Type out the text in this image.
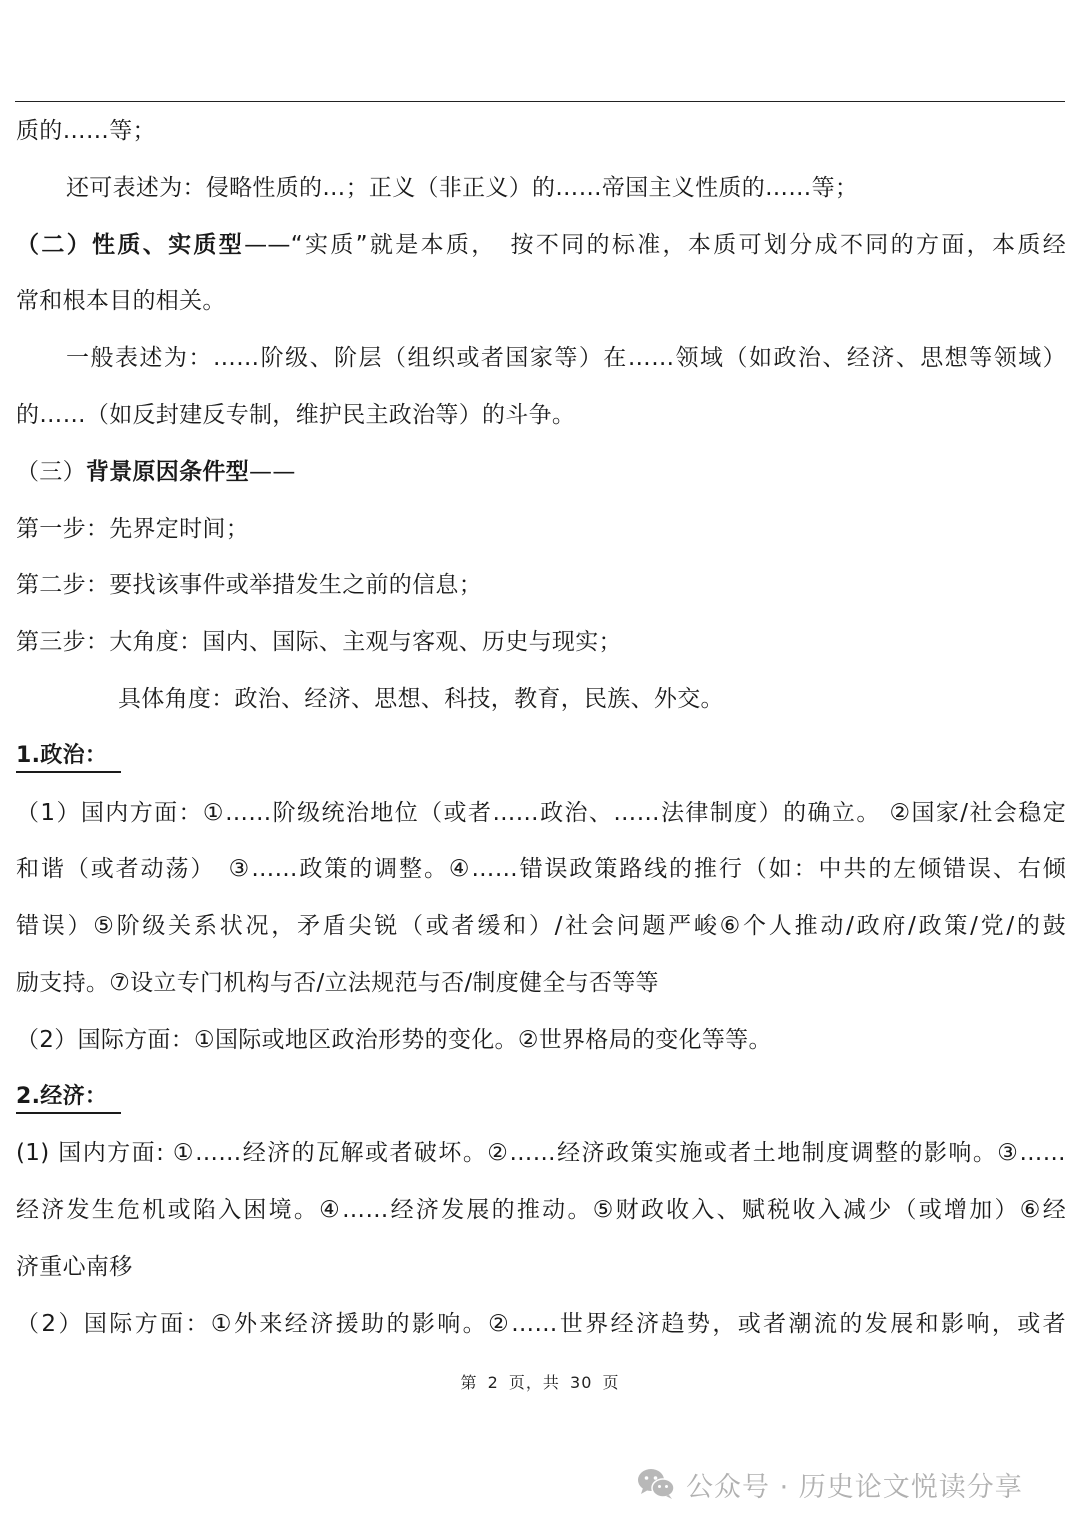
质的……等；
还可表述为：侵略性质的…；正义（非正义）的……帝国主义性质的……等；
（二）性质、实质型——“实质”就是本质，　按不同的标准，本质可划分成不同的方面，本质经
常和根本目的相关。
一般表述为：……阶级、阶层（组织或者国家等）在……领域（如政治、经济、思想等领域）
的……（如反封建反专制，维护民主政治等）的斗争。
（三）背景原因条件型——
第一步：先界定时间；
第二步：要找该事件或举措发生之前的信息；
第三步：大角度：国内、国际、主观与客观、历史与现实；
具体角度：政治、经济、思想、科技，教育，民族、外交。
1.政治：
（1）国内方面：①……阶级统治地位（或者……政治、……法律制度）的确立。 ②国家/社会稳定
和谐（或者动荡）　③……政策的调整。④……错误政策路线的推行（如：中共的左倾错误、右倾
错误）⑤阶级关系状况，矛盾尖锐（或者缓和）/社会问题严峻⑥个人推动/政府/政策/党/的鼓
励支持。⑦设立专门机构与否/立法规范与否/制度健全与否等等
（2）国际方面：①国际或地区政治形势的变化。②世界格局的变化等等。
2.经济：
(1) 国内方面: ①……经济的瓦解或者破坏。②……经济政策实施或者土地制度调整的影响。③……
经济发生危机或陷入困境。④……经济发展的推动。⑤财政收入、赋税收入减少（或增加）⑥经
济重心南移
（2）国际方面：①外来经济援助的影响。②……世界经济趋势，或者潮流的发展和影响，或者
第 2 页，共 30 页
公众号 · 历史论文悦读分享
